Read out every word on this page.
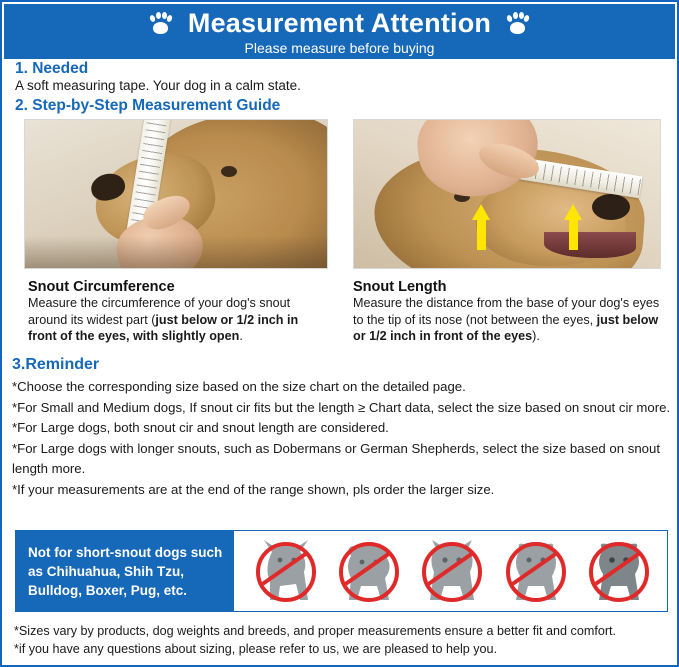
Measurement Attention
Please measure before buying
1. Needed
A soft measuring tape. Your dog in a calm state.
2. Step-by-Step Measurement Guide
Snout Circumference
Measure the circumference of your dog's snout around its widest part (just below or 1/2 inch in front of the eyes, with slightly open.
Snout Length
Measure the distance from the base of your dog's eyes to the tip of its nose (not between the eyes, just below or 1/2 inch in front of the eyes).
3.Reminder

*Choose the corresponding size based on the size chart on the detailed page.

*For Small and Medium dogs, If snout cir fits but the length ≥ Chart data, select the size based on snout cir more.

*For Large dogs, both snout cir and snout length are considered.

*For Large dogs with longer snouts, such as Dobermans or German Shepherds, select the size based on snout length more.

*If your measurements are at the end of the range shown, pls order the larger size.

Not for short-snout dogs such as Chihuahua, Shih Tzu, Bulldog, Boxer, Pug, etc.
*Sizes vary by products, dog weights and breeds, and proper measurements ensure a better fit and comfort.
*if you have any questions about sizing, please refer to us, we are pleased to help you.
